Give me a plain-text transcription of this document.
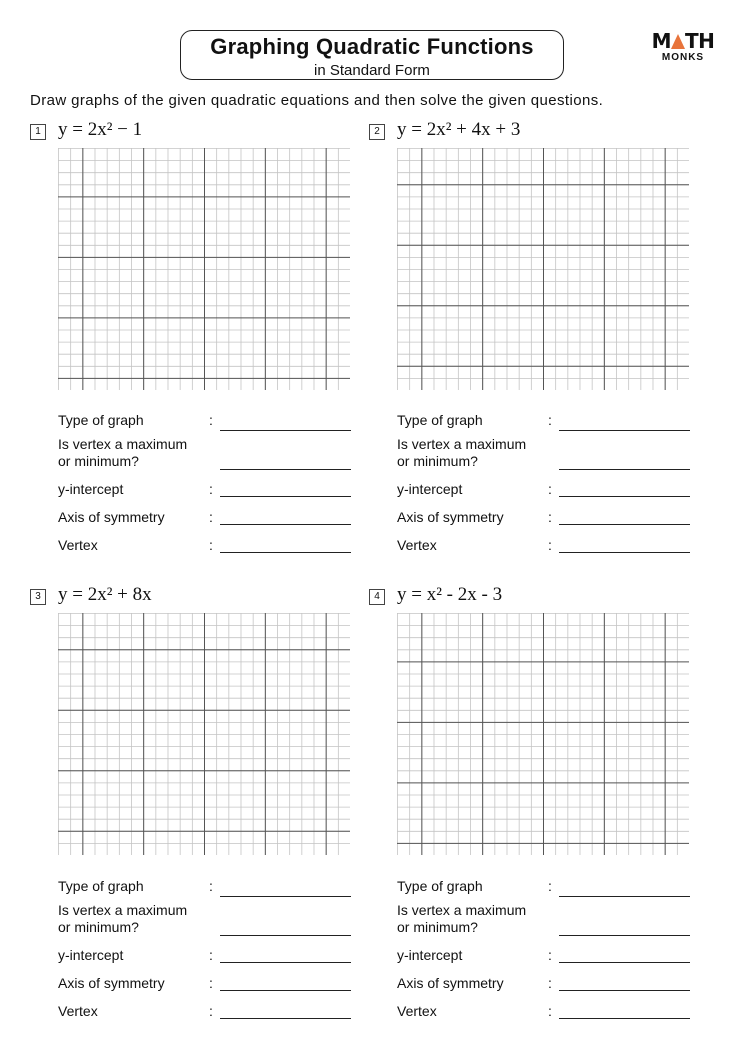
Graphing Quadratic Functions
in Standard Form
M TH
MONKS
Draw graphs of the given quadratic equations and then solve the given questions.
1 y = 2x² − 1
Type of graph	:
Is vertex a maximum
or minimum?
y-intercept	:
Axis of symmetry	:
Vertex	:
2 y = 2x² + 4x + 3
Type of graph	:
Is vertex a maximum
or minimum?
y-intercept	:
Axis of symmetry	:
Vertex	:
3 y = 2x² + 8x
Type of graph	:
Is vertex a maximum
or minimum?
y-intercept	:
Axis of symmetry	:
Vertex	:
4 y = x² - 2x - 3
Type of graph	:
Is vertex a maximum
or minimum?
y-intercept	:
Axis of symmetry	:
Vertex	:
